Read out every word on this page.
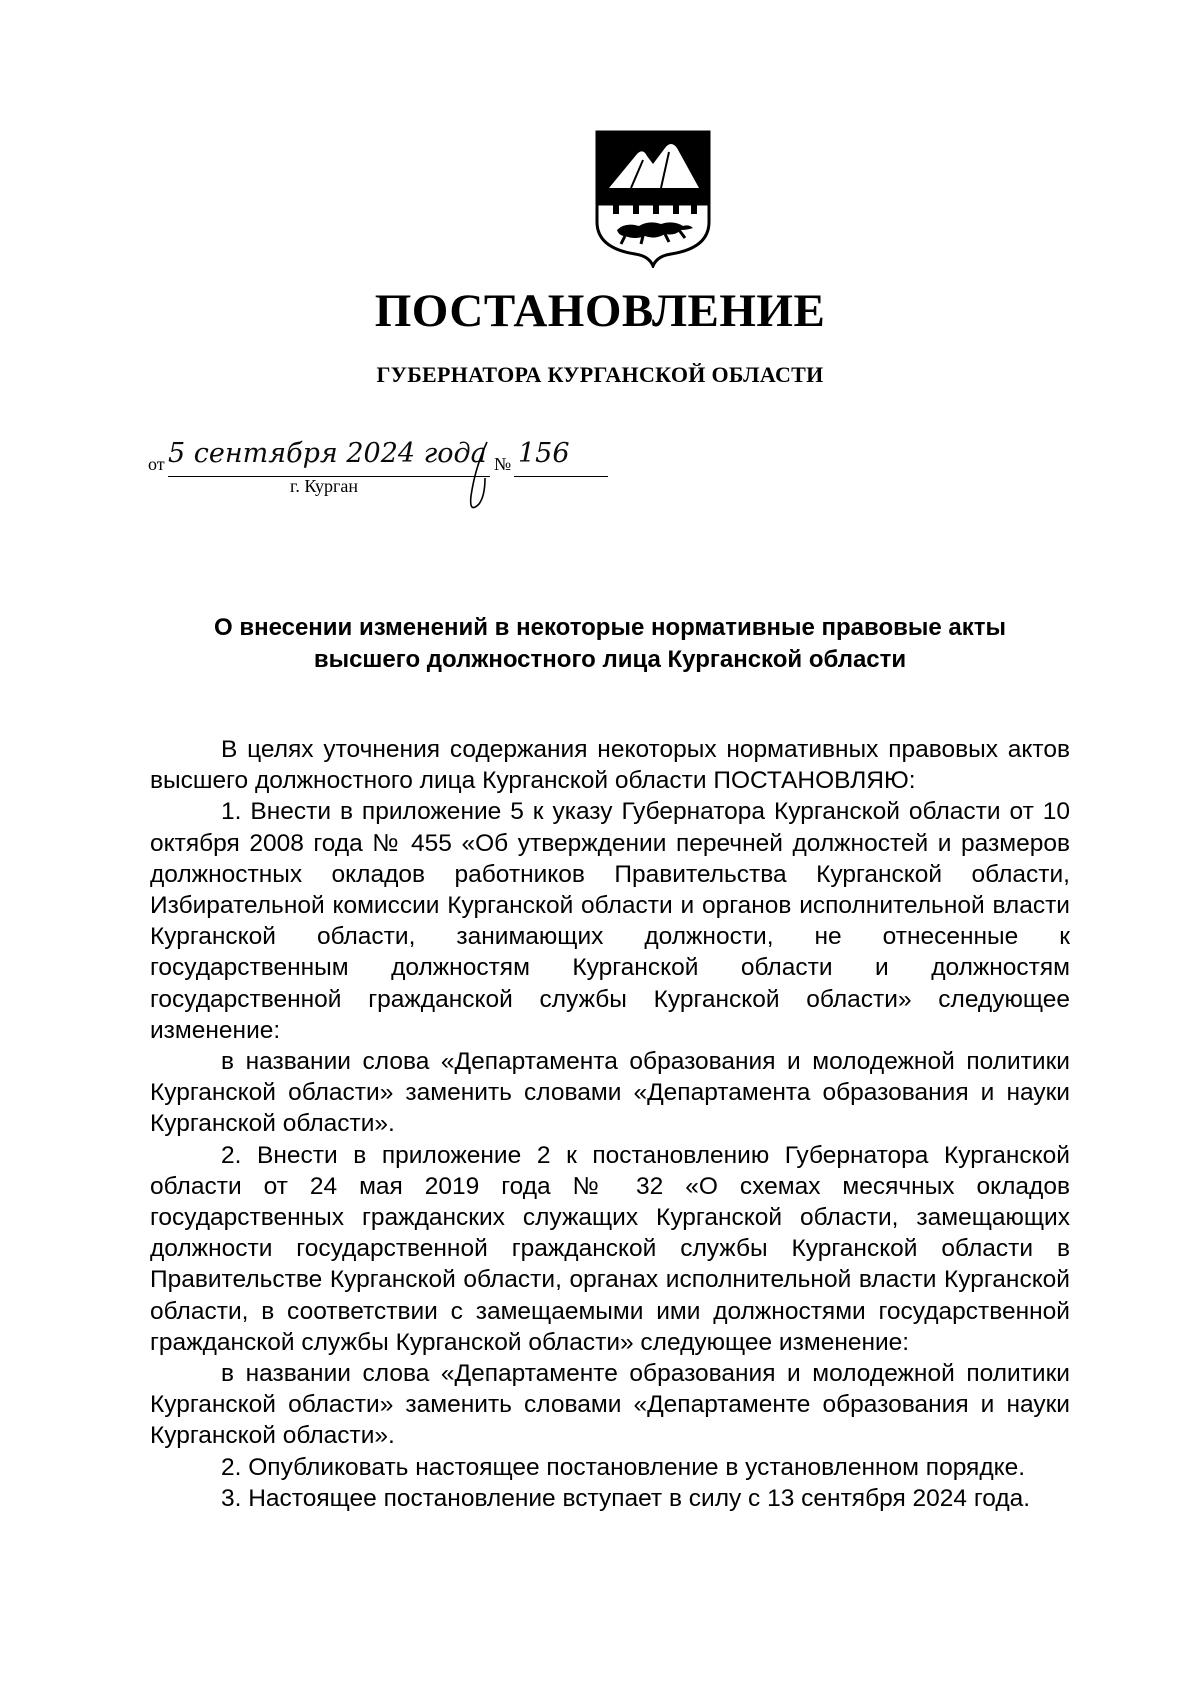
ПОСТАНОВЛЕНИЕ
ГУБЕРНАТОРА КУРГАНСКОЙ ОБЛАСТИ
от 5 сентября 2024 года № 156
г. Курган
О внесении изменений в некоторые нормативные правовые акты
высшего должностного лица Курганской области

В целях уточнения содержания некоторых нормативных правовых актов высшего должностного лица Курганской области ПОСТАНОВЛЯЮ:

1. Внести в приложение 5 к указу Губернатора Курганской области от 10 октября 2008 года № 455 «Об утверждении перечней должностей и размеров должностных окладов работников Правительства Курганской области, Избирательной комиссии Курганской области и органов исполнительной власти Курганской области, занимающих должности, не отнесенные к государственным должностям Курганской области и должностям государственной гражданской службы Курганской области» следующее изменение:

в названии слова «Департамента образования и молодежной политики Курганской области» заменить словами «Департамента образования и науки Курганской области».

2. Внести в приложение 2 к постановлению Губернатора Курганской области от 24 мая 2019 года № 32 «О схемах месячных окладов государственных гражданских служащих Курганской области, замещающих должности государственной гражданской службы Курганской области в Правительстве Курганской области, органах исполнительной власти Курганской области, в соответствии с замещаемыми ими должностями государственной гражданской службы Курганской области» следующее изменение:

в названии слова «Департаменте образования и молодежной политики Курганской области» заменить словами «Департаменте образования и науки Курганской области».

2. Опубликовать настоящее постановление в установленном порядке.

3. Настоящее постановление вступает в силу с 13 сентября 2024 года.
